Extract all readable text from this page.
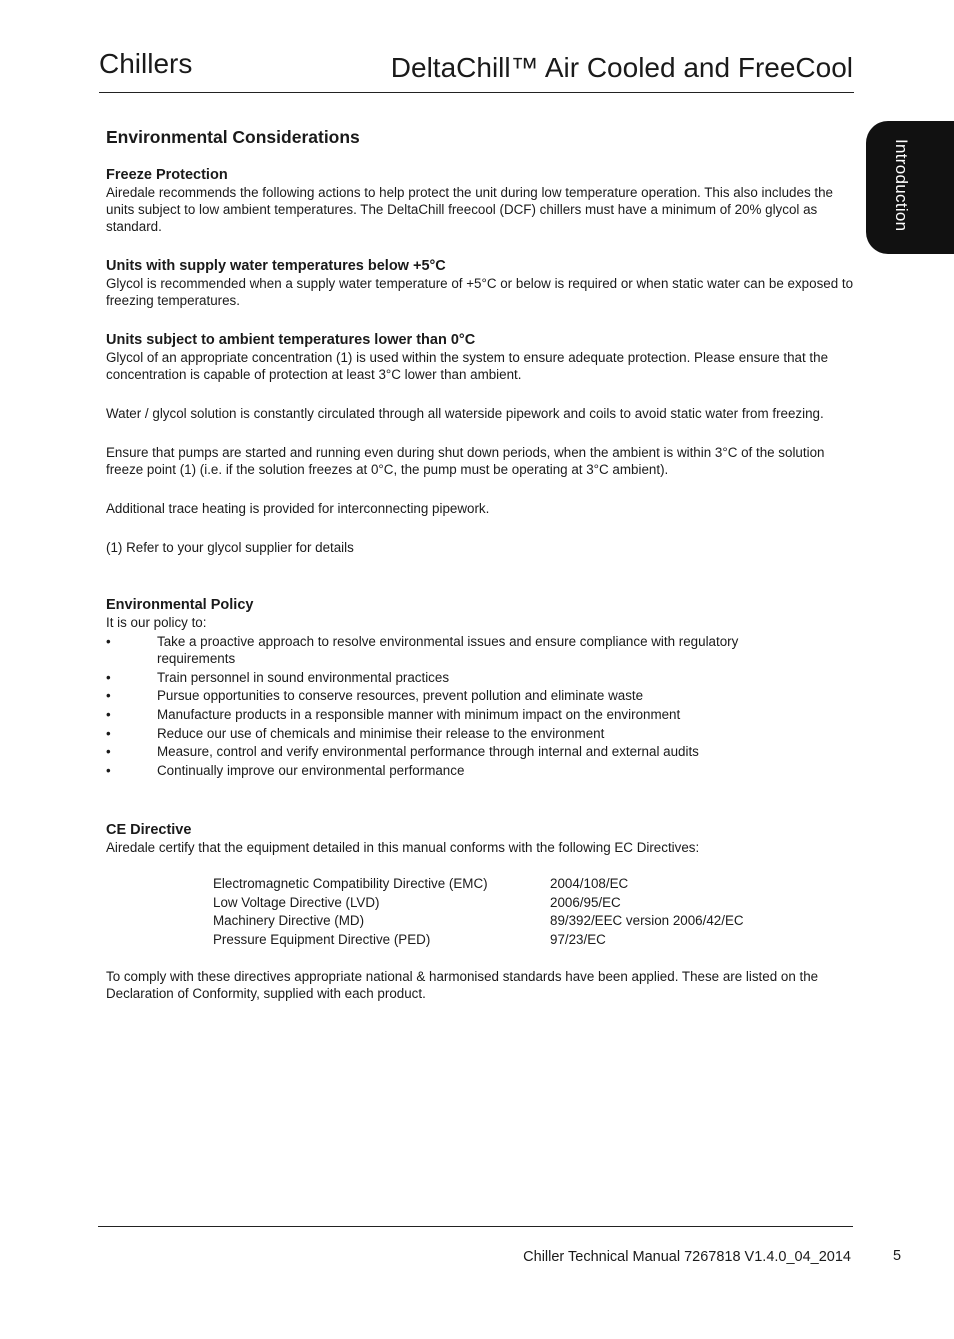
Chillers	DeltaChill™ Air Cooled and FreeCool
Introduction
Environmental Considerations
Freeze Protection

Airedale recommends the following actions to help protect the unit during low temperature operation. This also includes the units subject to low ambient temperatures. The DeltaChill freecool (DCF) chillers must have a minimum of 20% glycol as standard.

Units with supply water temperatures below +5°C

Glycol is recommended when a supply water temperature of +5°C or below is required or when static water can be exposed to freezing temperatures.

Units subject to ambient temperatures lower than 0°C

Glycol of an appropriate concentration (1) is used within the system to ensure adequate protection. Please ensure that the concentration is capable of protection at least 3°C lower than ambient.

Water / glycol solution is constantly circulated through all waterside pipework and coils to avoid static water from freezing.

Ensure that pumps are started and running even during shut down periods, when the ambient is within 3°C of the solution freeze point (1) (i.e. if the solution freezes at 0°C, the pump must be operating at 3°C ambient).

Additional trace heating is provided for interconnecting pipework.

(1) Refer to your glycol supplier for details

Environmental Policy

It is our policy to:

•	Take a proactive approach to resolve environmental issues and ensure compliance with regulatory requirements
•	Train personnel in sound environmental practices
•	Pursue opportunities to conserve resources, prevent pollution and eliminate waste
•	Manufacture products in a responsible manner with minimum impact on the environment
•	Reduce our use of chemicals and minimise their release to the environment
•	Measure, control and verify environmental performance through internal and external audits
•	Continually improve our environmental performance
CE Directive

Airedale certify that the equipment detailed in this manual conforms with the following EC Directives:

Electromagnetic Compatibility Directive (EMC)	2004/108/EC
Low Voltage Directive (LVD)	2006/95/EC
Machinery Directive (MD)	89/392/EEC version 2006/42/EC
Pressure Equipment Directive (PED)	97/23/EC

To comply with these directives appropriate national & harmonised standards have been applied. These are listed on the Declaration of Conformity, supplied with each product.

Chiller Technical Manual 7267818 V1.4.0_04_2014	5
